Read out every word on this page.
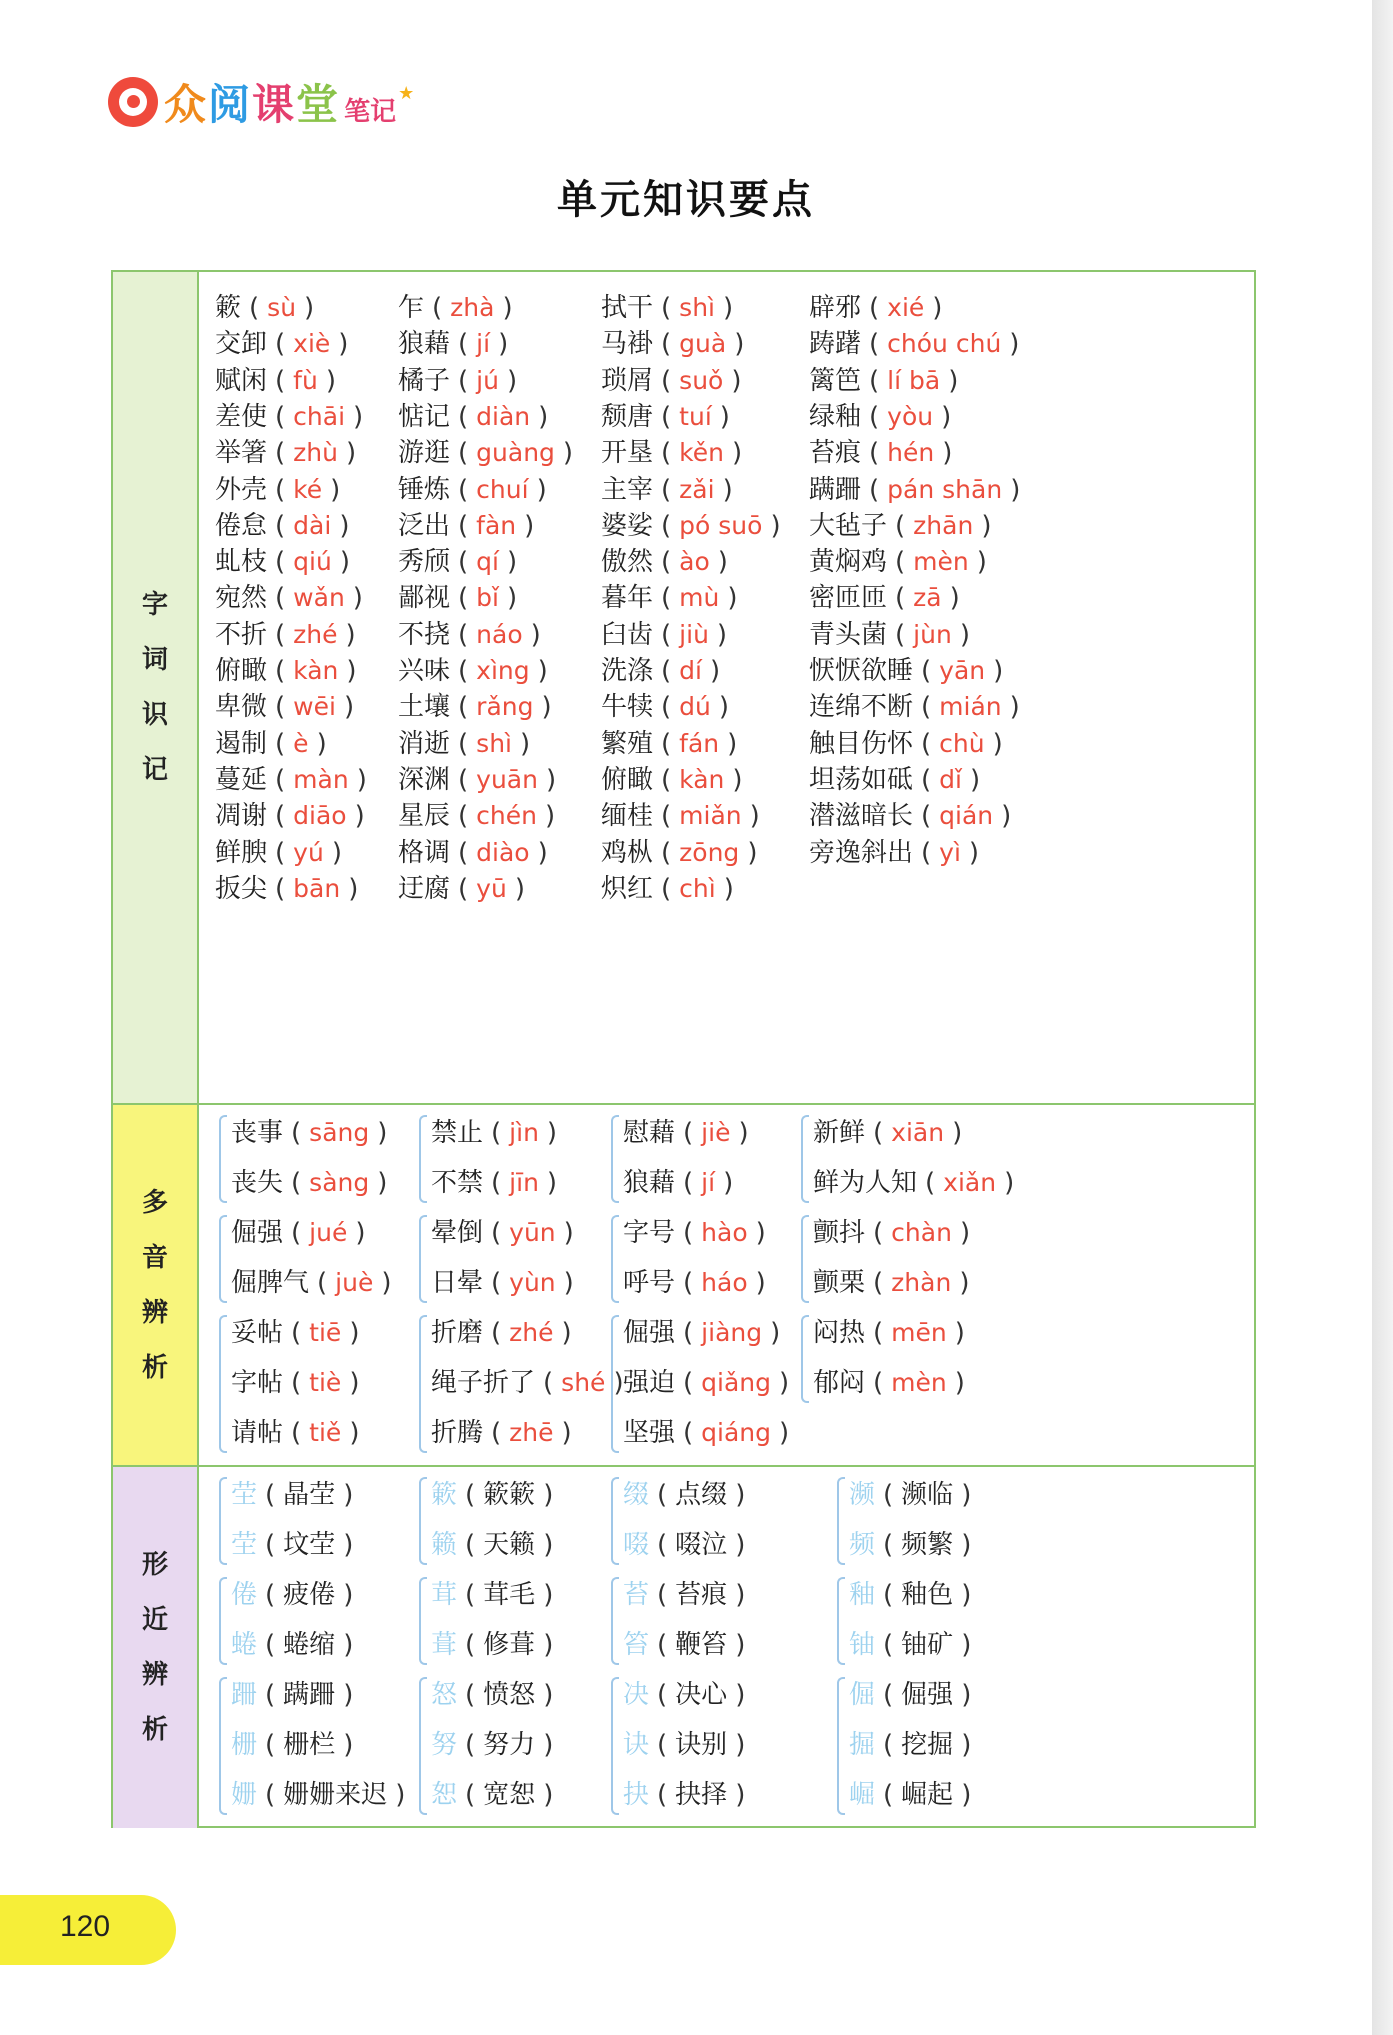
众 阅 课 堂 笔记
★
单元知识要点
字
词
识
记
簌 ( sù )	乍 ( zhà )	拭干 ( shì )	辟邪 ( xié )
交卸 ( xiè )	狼藉 ( jí )	马褂 ( guà )	踌躇 ( chóu chú )
赋闲 ( fù )	橘子 ( jú )	琐屑 ( suǒ )	篱笆 ( lí bā )
差使 ( chāi )	惦记 ( diàn )	颓唐 ( tuí )	绿釉 ( yòu )
举箸 ( zhù )	游逛 ( guàng )	开垦 ( kěn )	苔痕 ( hén )
外壳 ( ké )	锤炼 ( chuí )	主宰 ( zǎi )	蹒跚 ( pán shān )
倦怠 ( dài )	泛出 ( fàn )	婆娑 ( pó suō )	大毡子 ( zhān )
虬枝 ( qiú )	秀颀 ( qí )	傲然 ( ào )	黄焖鸡 ( mèn )
宛然 ( wǎn )	鄙视 ( bǐ )	暮年 ( mù )	密匝匝 ( zā )
不折 ( zhé )	不挠 ( náo )	臼齿 ( jiù )	青头菌 ( jùn )
俯瞰 ( kàn )	兴味 ( xìng )	洗涤 ( dí )	恹恹欲睡 ( yān )
卑微 ( wēi )	土壤 ( rǎng )	牛犊 ( dú )	连绵不断 ( mián )
遏制 ( è )	消逝 ( shì )	繁殖 ( fán )	触目伤怀 ( chù )
蔓延 ( màn )	深渊 ( yuān )	俯瞰 ( kàn )	坦荡如砥 ( dǐ )
凋谢 ( diāo )	星辰 ( chén )	缅桂 ( miǎn )	潜滋暗长 ( qián )
鲜腴 ( yú )	格调 ( diào )	鸡枞 ( zōng )	旁逸斜出 ( yì )
扳尖 ( bān )	迂腐 ( yū )	炽红 ( chì )
多
音
辨
析
丧事 ( sāng )	禁止 ( jìn )	慰藉 ( jiè )	新鲜 ( xiān )
丧失 ( sàng )	不禁 ( jīn )	狼藉 ( jí )	鲜为人知 ( xiǎn )
倔强 ( jué )	晕倒 ( yūn )	字号 ( hào )	颤抖 ( chàn )
倔脾气 ( juè )	日晕 ( yùn )	呼号 ( háo )	颤栗 ( zhàn )
妥帖 ( tiē )	折磨 ( zhé )	倔强 ( jiàng )	闷热 ( mēn )
字帖 ( tiè )	绳子折了 ( shé ) 强迫 ( qiǎng ) 郁闷 ( mèn )
请帖 ( tiě )	折腾 ( zhē )	坚强 ( qiáng )
形
近
辨
析
茔 ( 晶茔 )	簌 ( 簌簌 )	缀 ( 点缀 )	濒 ( 濒临 )
茔 ( 坟茔 )	籁 ( 天籁 )	啜 ( 啜泣 )	频 ( 频繁 )
倦 ( 疲倦 )	茸 ( 茸毛 )	苔 ( 苔痕 )	釉 ( 釉色 )
蜷 ( 蜷缩 )	葺 ( 修葺 )	笞 ( 鞭笞 )	铀 ( 铀矿 )
跚 ( 蹒跚 )	怒 ( 愤怒 )	决 ( 决心 )	倔 ( 倔强 )
栅 ( 栅栏 )	努 ( 努力 )	诀 ( 诀别 )	掘 ( 挖掘 )
姗 ( 姗姗来迟 ) 恕 ( 宽恕 )	抉 ( 抉择 )	崛 ( 崛起 )
120
